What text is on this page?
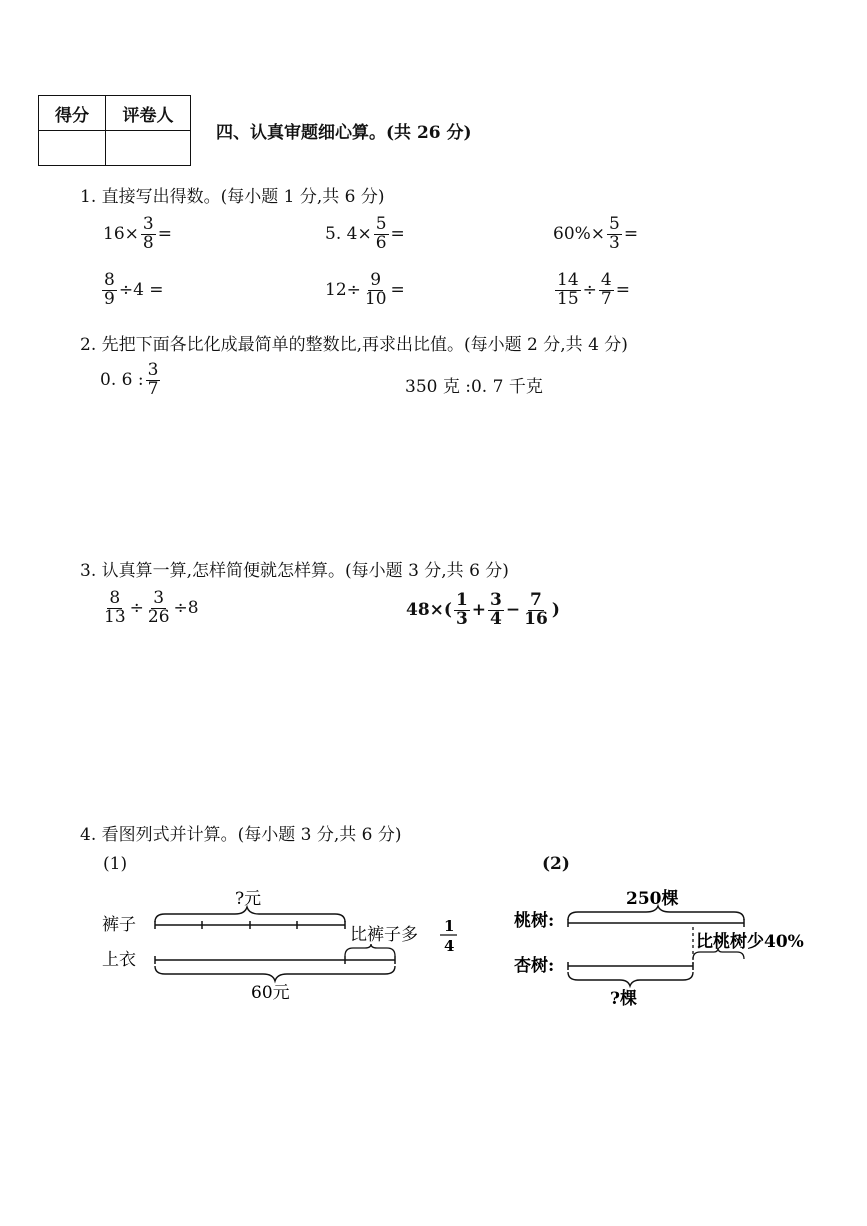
得分	评卷人

四、认真审题细心算。(共 26 分)
1. 直接写出得数。(每小题 1 分,共 6 分)
$16\times \frac{3}{8}$ =	5. $4\times \frac{5}{6}$ =	$60\%\times \frac{5}{3}$ =
$\frac{8}{9} \div 4$ =	$12\div \frac{9}{10}$ =	$\frac{14}{15} \div \frac{4}{7}$ =
2. 先把下面各比化成最简单的整数比,再求出比值。(每小题 2 分,共 4 分)
0. 6 : $\frac{3}{7}$	350 克 :0. 7 千克
3. 认真算一算,怎样简便就怎样算。(每小题 3 分,共 6 分)
$\frac{8}{13} \div \frac{3}{26} \div 8$	$48\times( \frac{1}{3} + \frac{3}{4} - \frac{7}{16}$ )
4. 看图列式并计算。(每小题 3 分,共 6 分)
(1)	(2)
?元
裤子	比裤子多 1
4
上衣
60元
250棵
桃树:
比桃树少40%
杏树:
?棵
